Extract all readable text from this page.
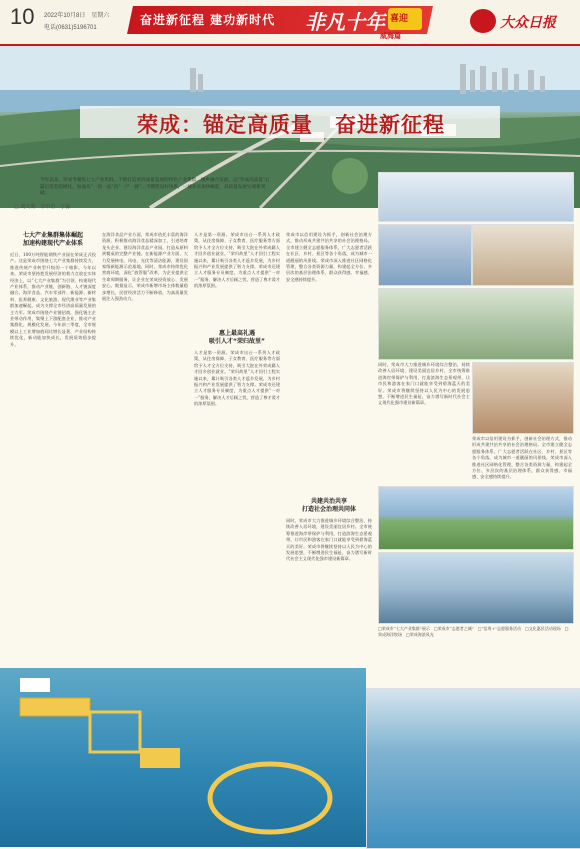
10 2022年10月8日　星期六
电话(0631)5196701
奋进新征程 建功新时代 非凡十年 喜迎
威海篇
大众日报
荣成：锚定高质量　奋进新征程
□ 刘天利　李中岩　于淼
今年以来，荣成考聚焦七大产业集群，不断打造更高质量发展的特色产业集群，城乡融合发展，以“荣成高质量”打赢后发赶超硬仗，加速从“一县一品”向“一产一链”…不断建设好体系，一城多点加快崛起，高质量发展实现新突破。
七大产业集群集体崛起
加速构建现代产业体系
近日，100万吨智能钢铁产业园在荣成正式投产。这是荣成市围绕七大产业集群持续发力，推进传统产业转型升级的一个缩影。今年以来，荣成市坚持把发展经济的着力点放在实体经济上，以“七大产业集群”为引领，构建现代产业体系，推动产业链、创新链、人才链深度融合。海洋食品、汽车零部件、新能源、新材料、医养健康、文化旅游、现代渔业等产业集群加速崛起，成为支撑全市经济高质量发展的主力军。荣成市围绕产业链招商，强化链主企业带动作用，集聚上下游配套企业，推动产业集群化、规模化发展。今年前三季度，全市规模以上工业增加值同比增长显著，产业结构持续优化，新动能加快成长，发展质效稳步提升。
在海洋食品产业方面，荣成市依托丰富的海洋资源，积极推动海洋食品精深加工，引进培育龙头企业，建设海洋食品产业园，打造从原料到餐桌的完整产业链。在新能源产业方面，大力发展核电、风电、光伏等清洁能源，建设国家级新能源示范基地。同时，荣成市持续优化营商环境，深化“放管服”改革，为企业提供全生命周期服务，让企业在荣成投资放心、发展安心。数据显示，荣成市新增市场主体数量稳步增长，民营经济活力不断释放，为高质量发展注入强劲动力。
惠上最高礼遇
吸引人才“荣归故里”
人才是第一资源。荣成市出台一系列人才政策，从住房保障、子女教育、医疗服务等方面给予人才全方位支持，吸引大批在外荣成籍人才回乡创业就业。“荣归故里”人才回引工程实施以来，累计吸引各类人才返乡发展，为乡村振兴和产业发展提供了智力支撑。荣成市还建立人才服务专员制度，为重点人才提供“一对一”服务，解决人才后顾之忧，营造了尊才爱才的浓厚氛围。
人才是第一资源。荣成市出台一系列人才政策，从住房保障、子女教育、医疗服务等方面给予人才全方位支持，吸引大批在外荣成籍人才回乡创业就业。“荣归故里”人才回引工程实施以来，累计吸引各类人才返乡发展，为乡村振兴和产业发展提供了智力支撑。荣成市还建立人才服务专员制度，为重点人才提供“一对一”服务，解决人才后顾之忧，营造了尊才爱才的浓厚氛围。
荣成市以信用建设为抓手，创新社会治理方式，推动形成共建共治共享的社会治理格局。全市建立健全志愿服务体系，广大志愿者活跃在社区、乡村、景区等各个角落，成为城市一道靓丽的风景线。荣成市深入推进社区网格化管理，整合各类资源力量，构建起全方位、多层次的基层治理体系，群众获得感、幸福感、安全感持续提升。
共建共治共享
打造社会治理共同体
同时，荣成市大力推进城乡环境综合整治，持续改善人居环境，建设美丽宜居乡村。全市统筹推进海岸带保护与利用，打造滨海生态景观带，让市民和游客在家门口就能享受到碧海蓝天的美好。荣成市将继续坚持以人民为中心的发展思想，不断增进民生福祉，奋力谱写新时代社会主义现代化强市建设新篇章。
同时，荣成市大力推进城乡环境综合整治，持续改善人居环境，建设美丽宜居乡村。全市统筹推进海岸带保护与利用，打造滨海生态景观带，让市民和游客在家门口就能享受到碧海蓝天的美好。荣成市将继续坚持以人民为中心的发展思想，不断增进民生福祉，奋力谱写新时代社会主义现代化强市建设新篇章。
荣成市以信用建设为抓手，创新社会治理方式，推动形成共建共治共享的社会治理格局。全市建立健全志愿服务体系，广大志愿者活跃在社区、乡村、景区等各个角落，成为城市一道靓丽的风景线。荣成市深入推进社区网格化管理，整合各类资源力量，构建起全方位、多层次的基层治理体系，群众获得感、幸福感、安全感持续提升。
□荣成市“七大产业集群”展示　□荣成市“志愿者之城”　□“信用+”志愿服务活动　□文化惠民活动现场　□荣成海洋牧场　□荣成海滨风光
